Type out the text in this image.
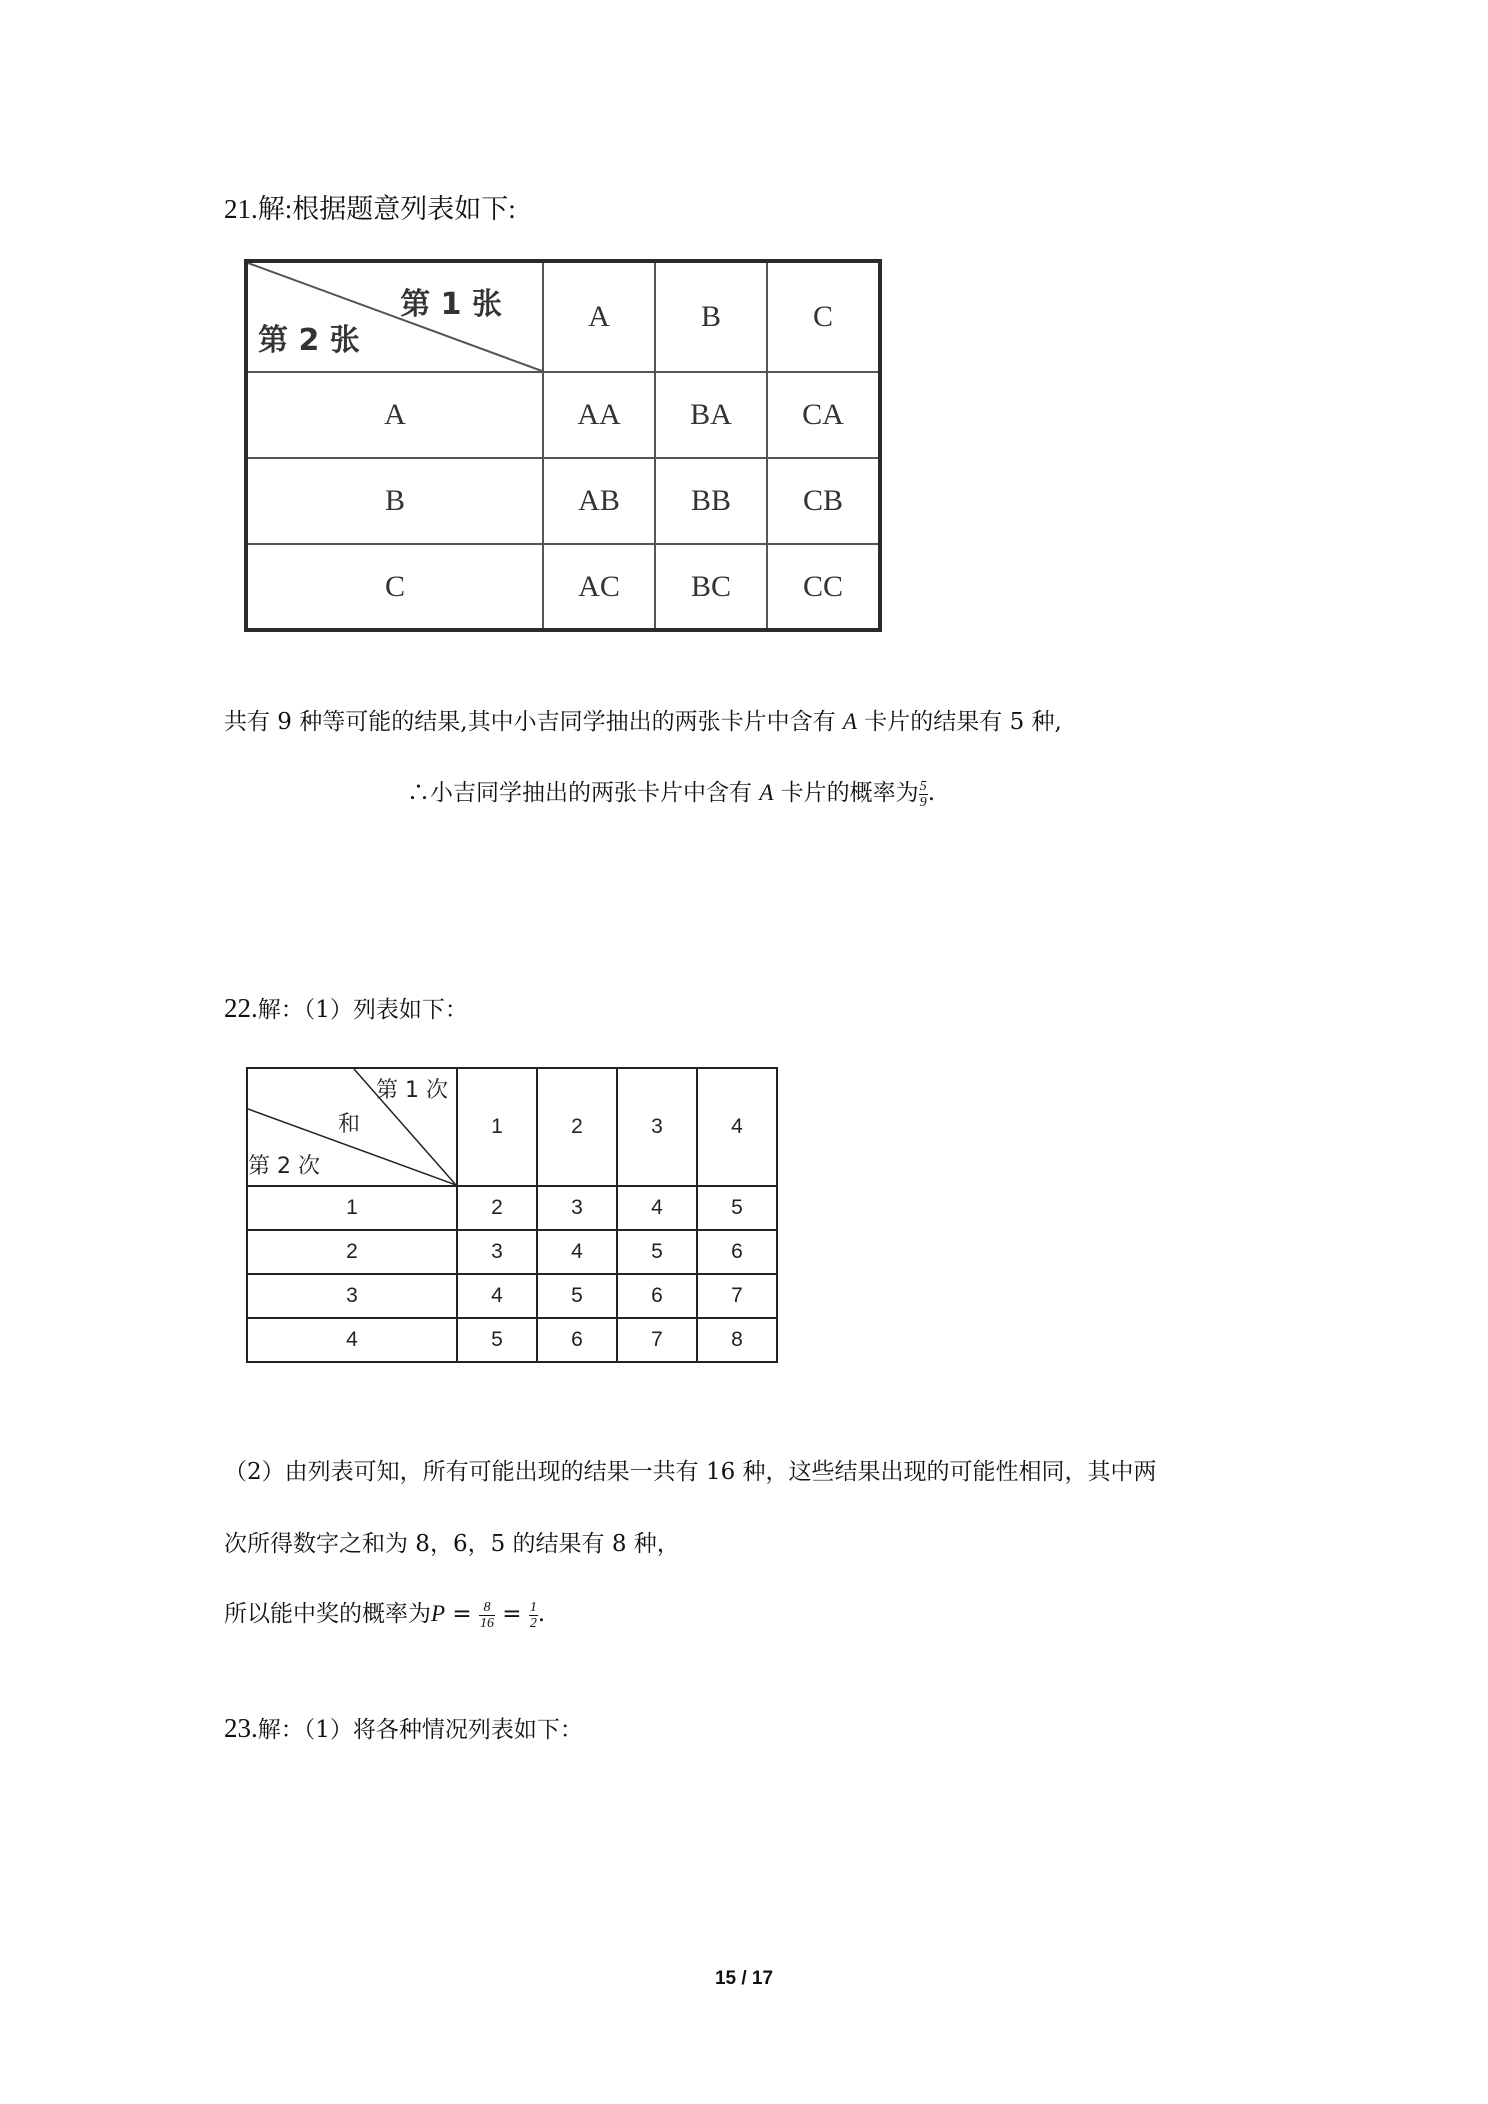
21.解:根据题意列表如下:
第 1 张
第 2 张	A	B	C
A	AA	BA	CA
B	AB	BB	CB
C	AC	BC	CC
共有 9 种等可能的结果,其中小吉同学抽出的两张卡片中含有 A 卡片的结果有 5 种,
∴小吉同学抽出的两张卡片中含有 A 卡片的概率为 $\frac{5}{9}$ .
22.解：（1）列表如下：
第 1 次
和
第 2 次	1	2	3	4
1	2	3	4	5
2	3	4	5	6
3	4	5	6	7
4	5	6	7	8
（2）由列表可知，所有可能出现的结果一共有 16 种，这些结果出现的可能性相同，其中两
次所得数字之和为 8，6，5 的结果有 8 种，
所以能中奖的概率为$P = \frac{8}{16} = \frac{1}{2}$ .
23.解：（1）将各种情况列表如下：
15 / 17
